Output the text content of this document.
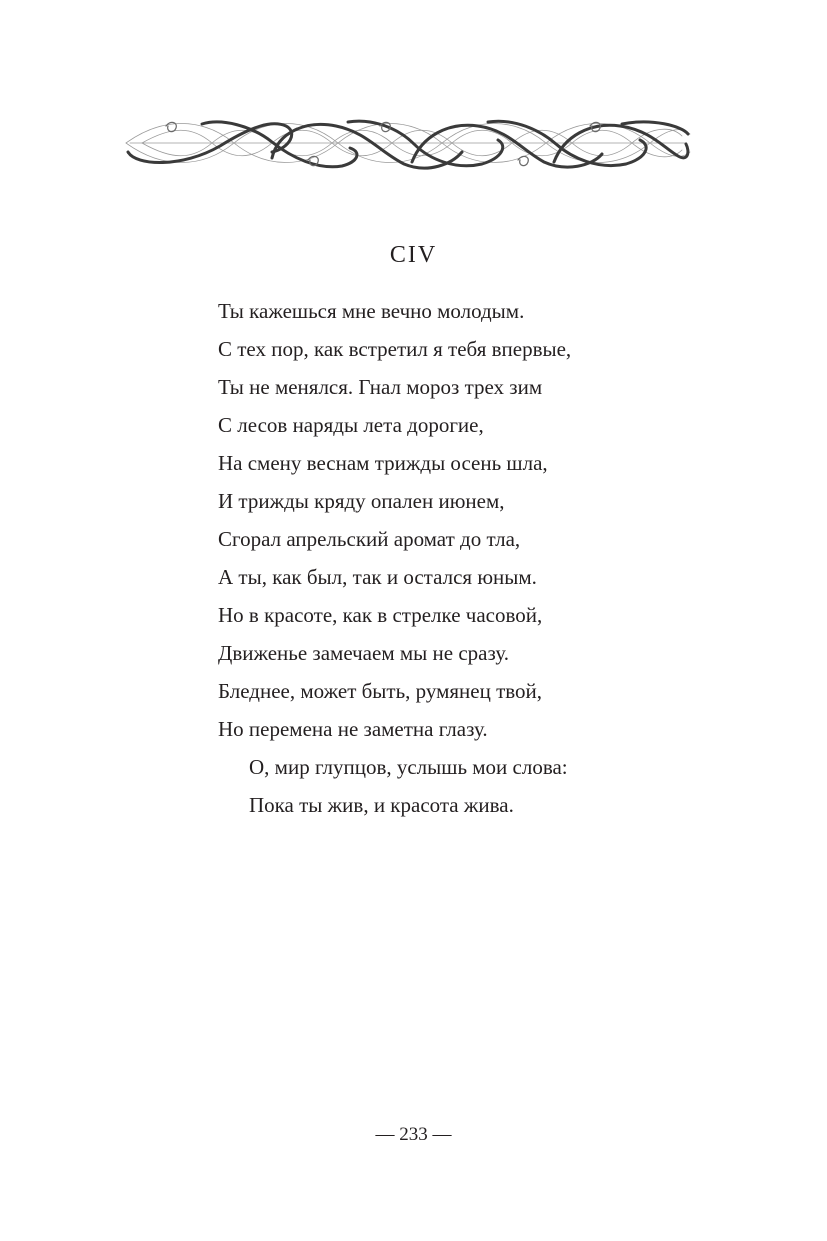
CIV
Ты кажешься мне вечно молодым.
С тех пор, как встретил я тебя впервые,
Ты не менялся. Гнал мороз трех зим
С лесов наряды лета дорогие,
На смену веснам трижды осень шла,
И трижды кряду опален июнем,
Сгорал апрельский аромат до тла,
А ты, как был, так и остался юным.
Но в красоте, как в стрелке часовой,
Движенье замечаем мы не сразу.
Бледнее, может быть, румянец твой,
Но перемена не заметна глазу.
О, мир глупцов, услышь мои слова:
Пока ты жив, и красота жива.
— 233 —
